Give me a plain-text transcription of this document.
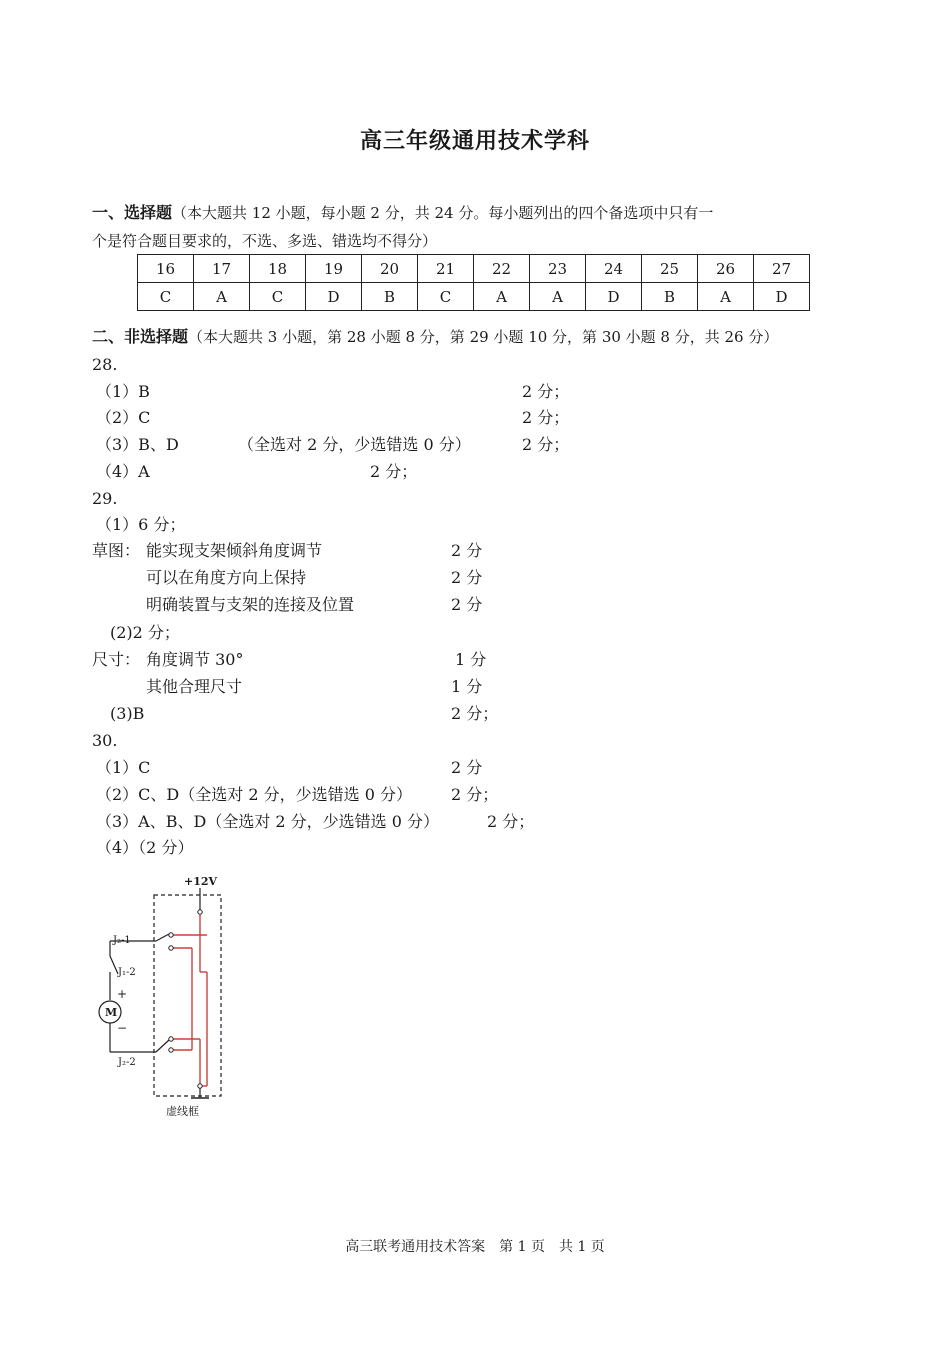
高三年级通用技术学科
一、选择题（本大题共 12 小题，每小题 2 分，共 24 分。每小题列出的四个备选项中只有一
个是符合题目要求的，不选、多选、错选均不得分）
16	17	18	19	20	21	22	23	24	25	26	27
C	A	C	D	B	C	A	A	D	B	A	D
二、非选择题（本大题共 3 小题，第 28 小题 8 分，第 29 小题 10 分，第 30 小题 8 分，共 26 分）
28.
（1）B	2 分；
（2）C	2 分；
（3）B、D	（全选对 2 分，少选错选 0 分）	2 分；
（4）A	2 分；
29.
（1）6 分；
草图： 能实现支架倾斜角度调节	2 分
可以在角度方向上保持	2 分
明确装置与支架的连接及位置	2 分
(2)2 分；
尺寸： 角度调节 30°	1 分
其他合理尺寸	1 分
(3)B	2 分；
30.
（1）C	2 分
（2）C、D（全选对 2 分，少选错选 0 分） 2 分；
（3）A、B、D（全选对 2 分，少选错选 0 分）	2 分；
（4）（2 分）
+12V
J₂-1
J₁-2
M
+
−
J₂-2
虚线框
高三联考通用技术答案　第 1 页　共 1 页
